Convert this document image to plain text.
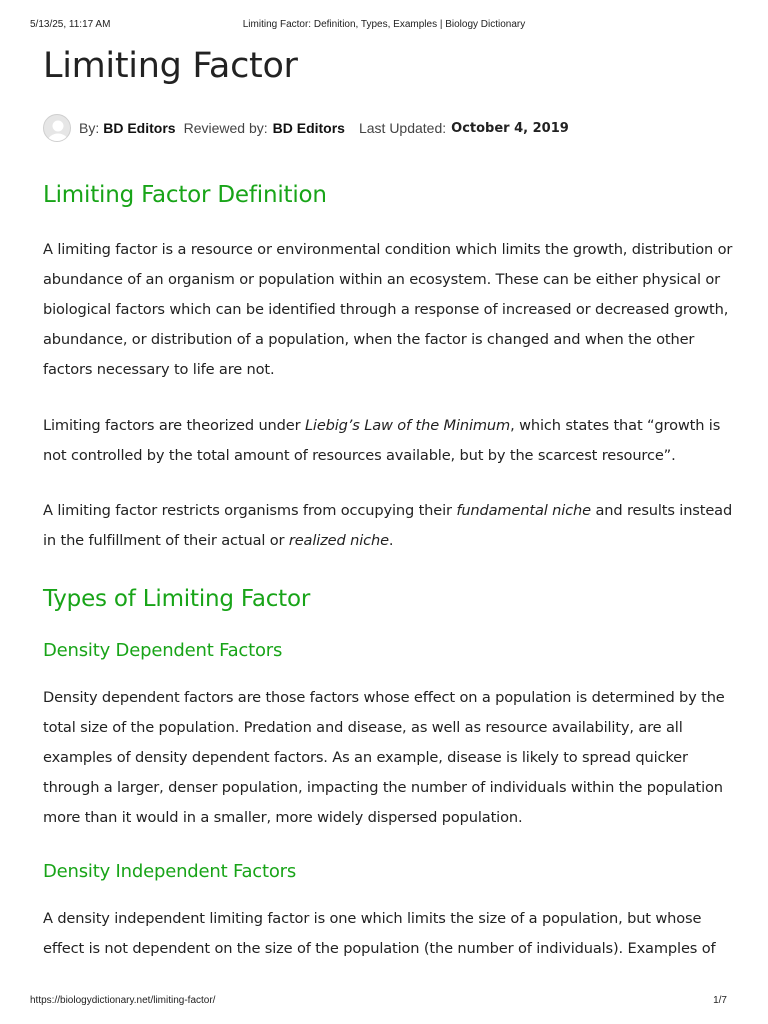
5/13/25, 11:17 AM	Limiting Factor: Definition, Types, Examples | Biology Dictionary
Limiting Factor
By: BD Editors Reviewed by: BD Editors Last Updated: October 4, 2019
Limiting Factor Definition

A limiting factor is a resource or environmental condition which limits the growth, distribution or abundance of an organism or population within an ecosystem. These can be either physical or biological factors which can be identified through a response of increased or decreased growth, abundance, or distribution of a population, when the factor is changed and when the other factors necessary to life are not.

Limiting factors are theorized under Liebig’s Law of the Minimum, which states that “growth is not controlled by the total amount of resources available, but by the scarcest resource”.

A limiting factor restricts organisms from occupying their fundamental niche and results instead in the fulfillment of their actual or realized niche.

Types of Limiting Factor
Density Dependent Factors

Density dependent factors are those factors whose effect on a population is determined by the total size of the population. Predation and disease, as well as resource availability, are all examples of density dependent factors. As an example, disease is likely to spread quicker through a larger, denser population, impacting the number of individuals within the population more than it would in a smaller, more widely dispersed population.

Density Independent Factors

A density independent limiting factor is one which limits the size of a population, but whose effect is not dependent on the size of the population (the number of individuals). Examples of

https://biologydictionary.net/limiting-factor/	1/7
